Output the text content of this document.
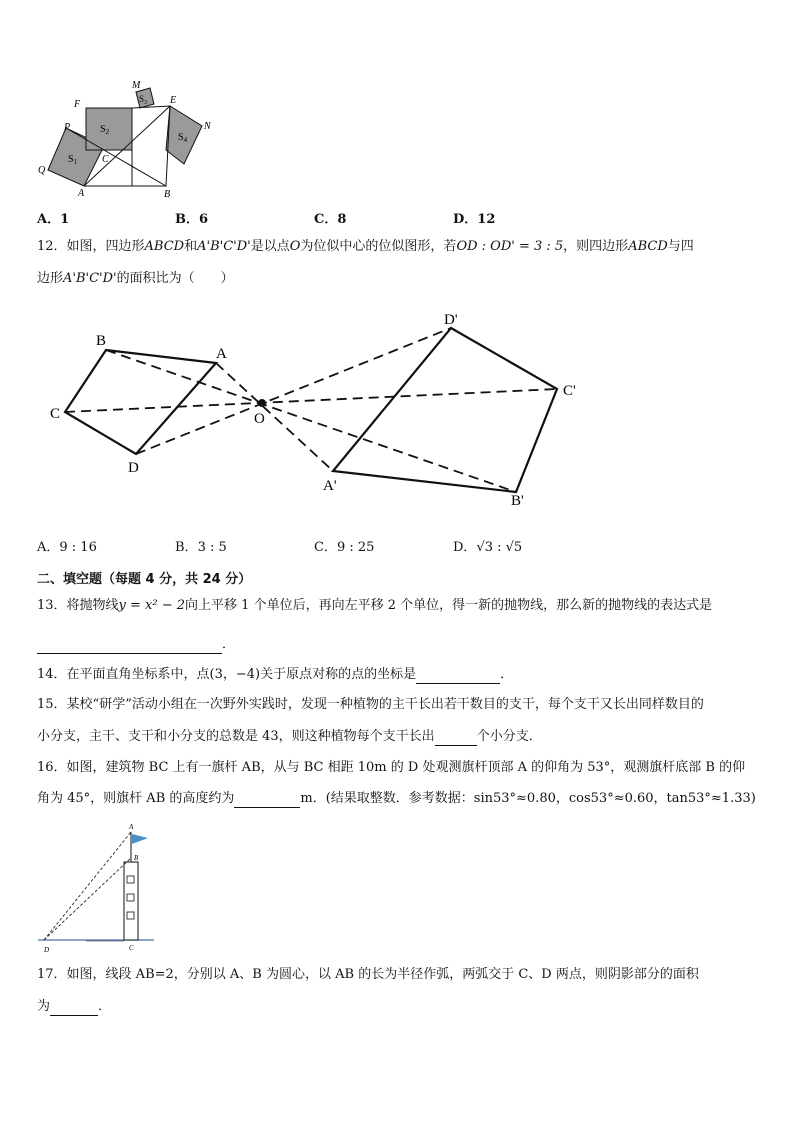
M
E
F
P
C
Q
A	B
N
$S_1$
$S_2$
$S_3$
$S_4$
A．1	B．6	C．8	D．12
12．如图，四边形ABCD和A'B'C'D'是以点O为位似中心的位似图形，若OD : OD' = 3 : 5，则四边形ABCD与四
边形A'B'C'D'的面积比为（　　）
B
A
C
D
O
D'
C'
A'
B'
A．9 : 16	B．3 : 5	C．9 : 25	D．√3 : √5
二、填空题（每题 4 分，共 24 分）
13．将抛物线y = x² − 2向上平移 1 个单位后，再向左平移 2 个单位，得一新的抛物线，那么新的抛物线的表达式是
．
14．在平面直角坐标系中，点(3，−4)关于原点对称的点的坐标是	．
15．某校“研学”活动小组在一次野外实践时，发现一种植物的主干长出若干数目的支干，每个支干又长出同样数目的
小分支，主干、支干和小分支的总数是 43，则这种植物每个支干长出	个小分支．
16．如图，建筑物 BC 上有一旗杆 AB，从与 BC 相距 10m 的 D 处观测旗杆顶部 A 的仰角为 53°，观测旗杆底部 B 的仰
角为 45°，则旗杆 AB 的高度约为	m．(结果取整数．参考数据：sin53°≈0.80，cos53°≈0.60，tan53°≈1.33)
A
B
C
D
17．如图，线段 AB=2，分别以 A、B 为圆心，以 AB 的长为半径作弧，两弧交于 C、D 两点，则阴影部分的面积
为	．
